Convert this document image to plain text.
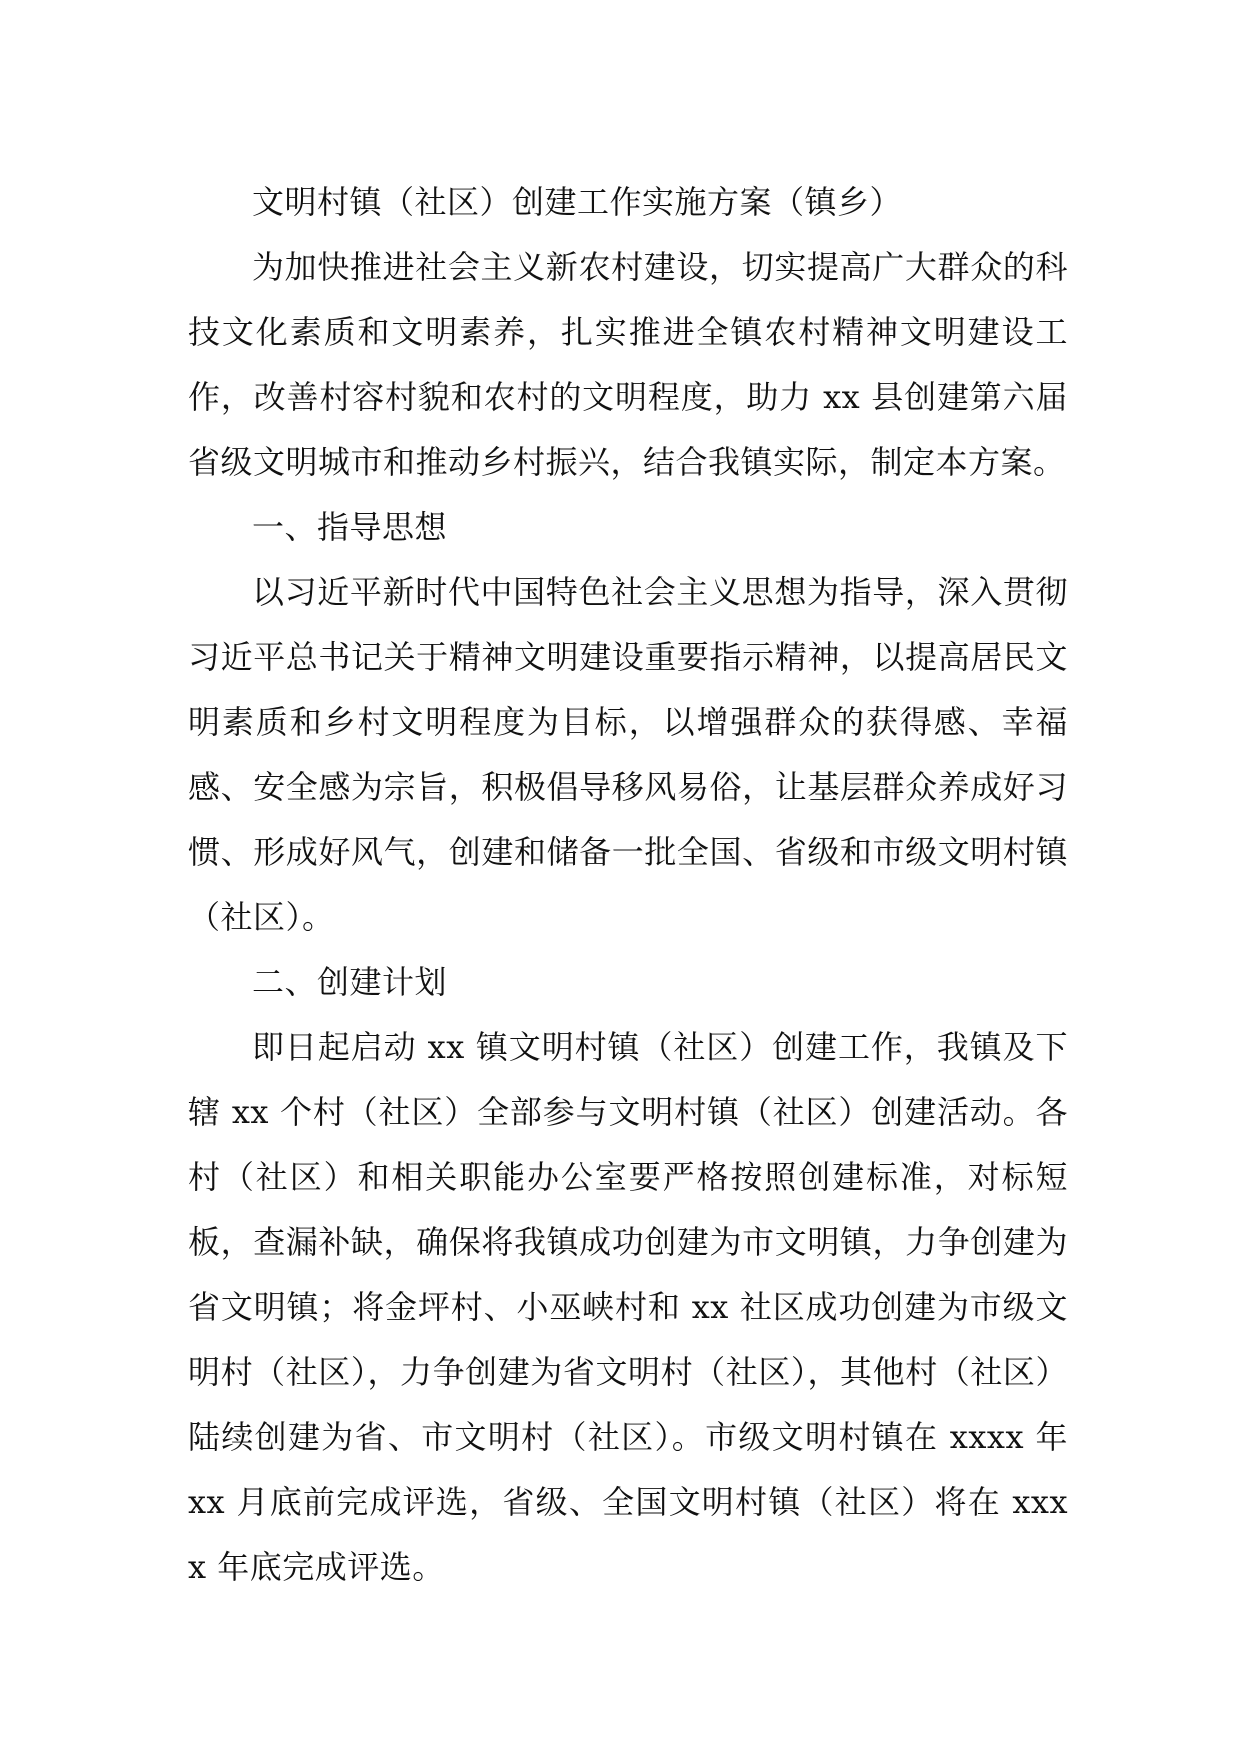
文明村镇（社区）创建工作实施方案（镇乡）

为加快推进社会主义新农村建设，切实提高广大群众的科技文化素质和文明素养，扎实推进全镇农村精神文明建设工作，改善村容村貌和农村的文明程度，助力 xx 县创建第六届省级文明城市和推动乡村振兴，结合我镇实际，制定本方案。

一、指导思想

以习近平新时代中国特色社会主义思想为指导，深入贯彻习近平总书记关于精神文明建设重要指示精神，以提高居民文明素质和乡村文明程度为目标，以增强群众的获得感、幸福感、安全感为宗旨，积极倡导移风易俗，让基层群众养成好习惯、形成好风气，创建和储备一批全国、省级和市级文明村镇（社区）。

二、创建计划

即日起启动 xx 镇文明村镇（社区）创建工作，我镇及下辖 xx 个村（社区）全部参与文明村镇（社区）创建活动。各村（社区）和相关职能办公室要严格按照创建标准，对标短板，查漏补缺，确保将我镇成功创建为市文明镇，力争创建为省文明镇；将金坪村、小巫峡村和 xx 社区成功创建为市级文明村（社区），力争创建为省文明村（社区），其他村（社区）陆续创建为省、市文明村（社区）。市级文明村镇在 xxxx 年 xx 月底前完成评选，省级、全国文明村镇（社区）将在 xxxx 年底完成评选。
